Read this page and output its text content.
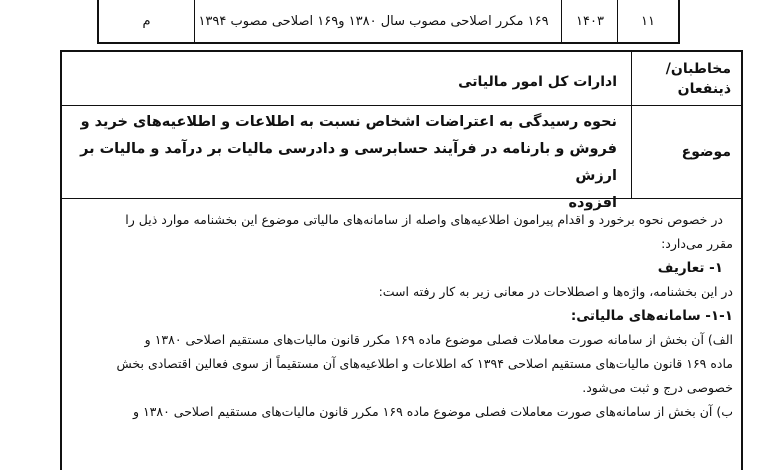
۱۱
۱۴۰۳
۱۶۹ مکرر اصلاحی مصوب سال ۱۳۸۰ و۱۶۹ اصلاحی مصوب ۱۳۹۴
م
مخاطبان/
ذینفعان
ادارات کل امور مالیاتی
موضوع
نحوه رسیدگی به اعتراضات اشخاص نسبت به اطلاعات و اطلاعیه‌های خرید و
فروش و بارنامه در فرآیند حسابرسی و دادرسی مالیات بر درآمد و مالیات بر ارزش
افزوده

در خصوص نحوه برخورد و اقدام پیرامون اطلاعیه‌های واصله از سامانه‌های مالیاتی موضوع این بخشنامه موارد ذیل را

مقرر می‌دارد:

۱- تعاریف

در این بخشنامه، واژه‌ها و اصطلاحات در معانی زیر به کار رفته است:

۱-۱- سامانه‌های مالیاتی:

الف) آن بخش از سامانه صورت معاملات فصلی موضوع ماده ۱۶۹ مکرر قانون مالیات‌های مستقیم اصلاحی ۱۳۸۰ و

ماده ۱۶۹ قانون مالیات‌های مستقیم اصلاحی ۱۳۹۴ که اطلاعات و اطلاعیه‌های آن مستقیماً از سوی فعالین اقتصادی بخش

خصوصی درج و ثبت می‌شود.

ب) آن بخش از سامانه‌های صورت معاملات فصلی موضوع ماده ۱۶۹ مکرر قانون مالیات‌های مستقیم اصلاحی ۱۳۸۰ و
